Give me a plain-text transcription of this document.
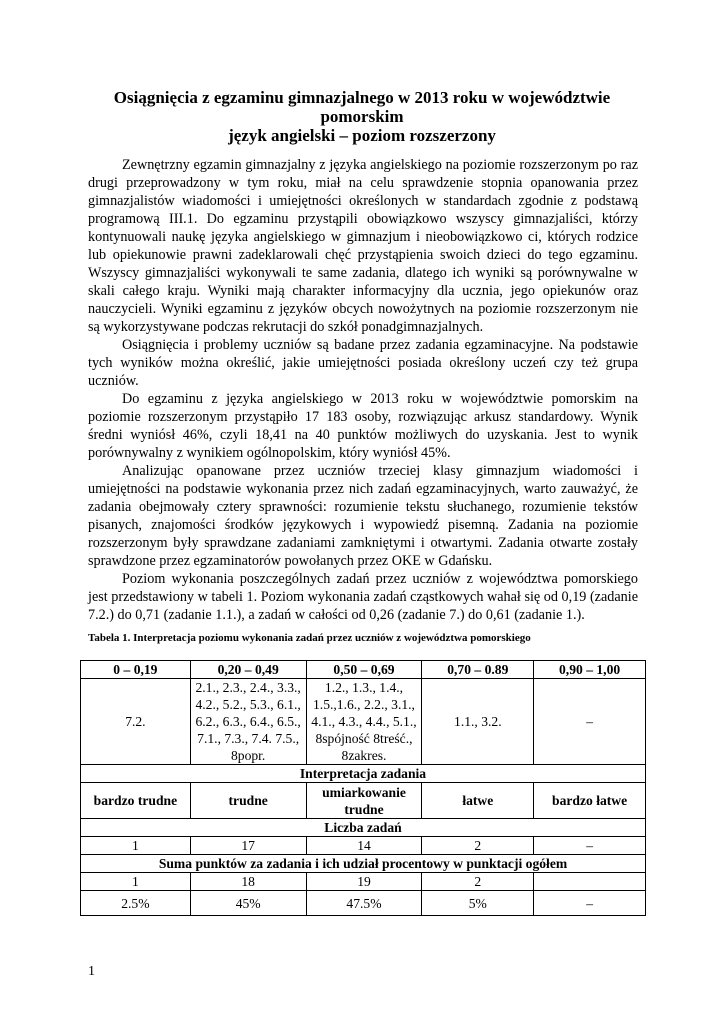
Osiągnięcia z egzaminu gimnazjalnego w 2013 roku w województwie
pomorskim
język angielski – poziom rozszerzony

Zewnętrzny egzamin gimnazjalny z języka angielskiego na poziomie rozszerzonym po raz drugi przeprowadzony w tym roku, miał na celu sprawdzenie stopnia opanowania przez gimnazjalistów wiadomości i umiejętności określonych w standardach zgodnie z podstawą programową III.1. Do egzaminu przystąpili obowiązkowo wszyscy gimnazjaliści, którzy kontynuowali naukę języka angielskiego w gimnazjum i nieobowiązkowo ci, których rodzice lub opiekunowie prawni zadeklarowali chęć przystąpienia swoich dzieci do tego egzaminu. Wszyscy gimnazjaliści wykonywali te same zadania, dlatego ich wyniki są porównywalne w skali całego kraju. Wyniki mają charakter informacyjny dla ucznia, jego opiekunów oraz nauczycieli. Wyniki egzaminu z języków obcych nowożytnych na poziomie rozszerzonym nie są wykorzystywane podczas rekrutacji do szkół ponadgimnazjalnych.

Osiągnięcia i problemy uczniów są badane przez zadania egzaminacyjne. Na podstawie tych wyników można określić, jakie umiejętności posiada określony uczeń czy też grupa uczniów.

Do egzaminu z języka angielskiego w 2013 roku w województwie pomorskim na poziomie rozszerzonym przystąpiło 17 183 osoby, rozwiązując arkusz standardowy. Wynik średni wyniósł 46%, czyli 18,41 na 40 punktów możliwych do uzyskania. Jest to wynik porównywalny z wynikiem ogólnopolskim, który wyniósł 45%.

Analizując opanowane przez uczniów trzeciej klasy gimnazjum wiadomości i umiejętności na podstawie wykonania przez nich zadań egzaminacyjnych, warto zauważyć, że zadania obejmowały cztery sprawności: rozumienie tekstu słuchanego, rozumienie tekstów pisanych, znajomości środków językowych i wypowiedź pisemną. Zadania na poziomie rozszerzonym były sprawdzane zadaniami zamkniętymi i otwartymi. Zadania otwarte zostały sprawdzone przez egzaminatorów powołanych przez OKE w Gdańsku.

Poziom wykonania poszczególnych zadań przez uczniów z województwa pomorskiego jest przedstawiony w tabeli 1. Poziom wykonania zadań cząstkowych wahał się od 0,19 (zadanie 7.2.) do 0,71 (zadanie 1.1.), a zadań w całości od 0,26 (zadanie 7.) do 0,61 (zadanie 1.).

Tabela 1. Interpretacja poziomu wykonania zadań przez uczniów z województwa pomorskiego
0 – 0,19	0,20 – 0,49	0,50 – 0,69	0,70 – 0.89	0,90 – 1,00
7.2.	2.1., 2.3., 2.4., 3.3., 4.2., 5.2., 5.3., 6.1., 6.2., 6.3., 6.4., 6.5., 7.1., 7.3., 7.4. 7.5., 8popr.	1.2., 1.3., 1.4., 1.5.,1.6., 2.2., 3.1., 4.1., 4.3., 4.4., 5.1., 8spójność 8treść., 8zakres.	1.1., 3.2.	–
Interpretacja zadania				
bardzo trudne	trudne	umiarkowanie trudne	łatwe	bardzo łatwe
Liczba zadań				
1	17	14	2	–
Suma punktów za zadania i ich udział procentowy w punktacji ogółem				
1	18	19	2	
2.5%	45%	47.5%	5%	–
1
